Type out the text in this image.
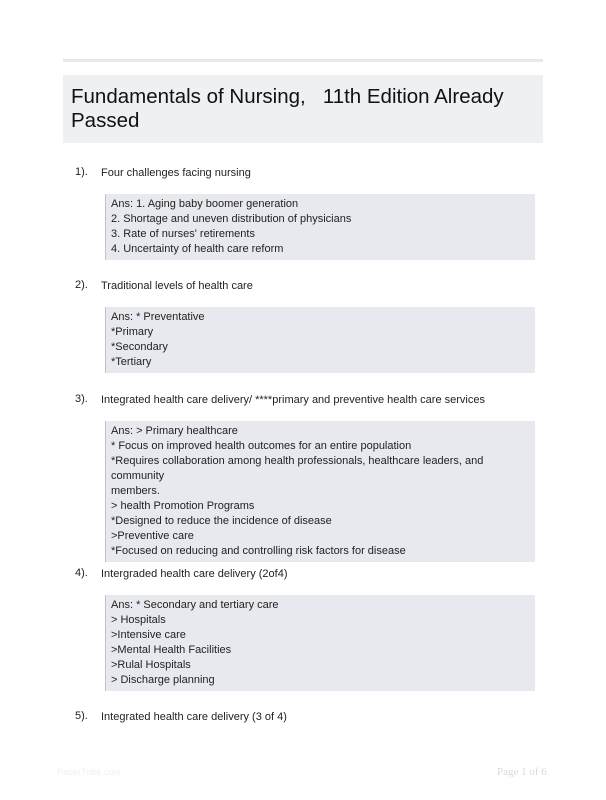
Fundamentals of Nursing,   11th Edition Already Passed
1). Four challenges facing nursing
Ans: 1. Aging baby boomer generation
2. Shortage and uneven distribution of physicians
3. Rate of nurses' retirements
4. Uncertainty of health care reform
2). Traditional levels of health care
Ans: * Preventative
*Primary
*Secondary
*Tertiary
3). Integrated health care delivery/ ****primary and preventive health care services
Ans: > Primary healthcare
* Focus on improved health outcomes for an entire population
*Requires collaboration among health professionals, healthcare leaders, and community
members.
> health Promotion Programs
*Designed to reduce the incidence of disease
>Preventive care
*Focused on reducing and controlling risk factors for disease
4). Intergraded health care delivery (2of4)
Ans: * Secondary and tertiary care
> Hospitals
>Intensive care
>Mental Health Facilities
>Rulal Hospitals
> Discharge planning
5). Integrated health care delivery (3 of 4)
PaperTribe.com	Page 1 of 6
